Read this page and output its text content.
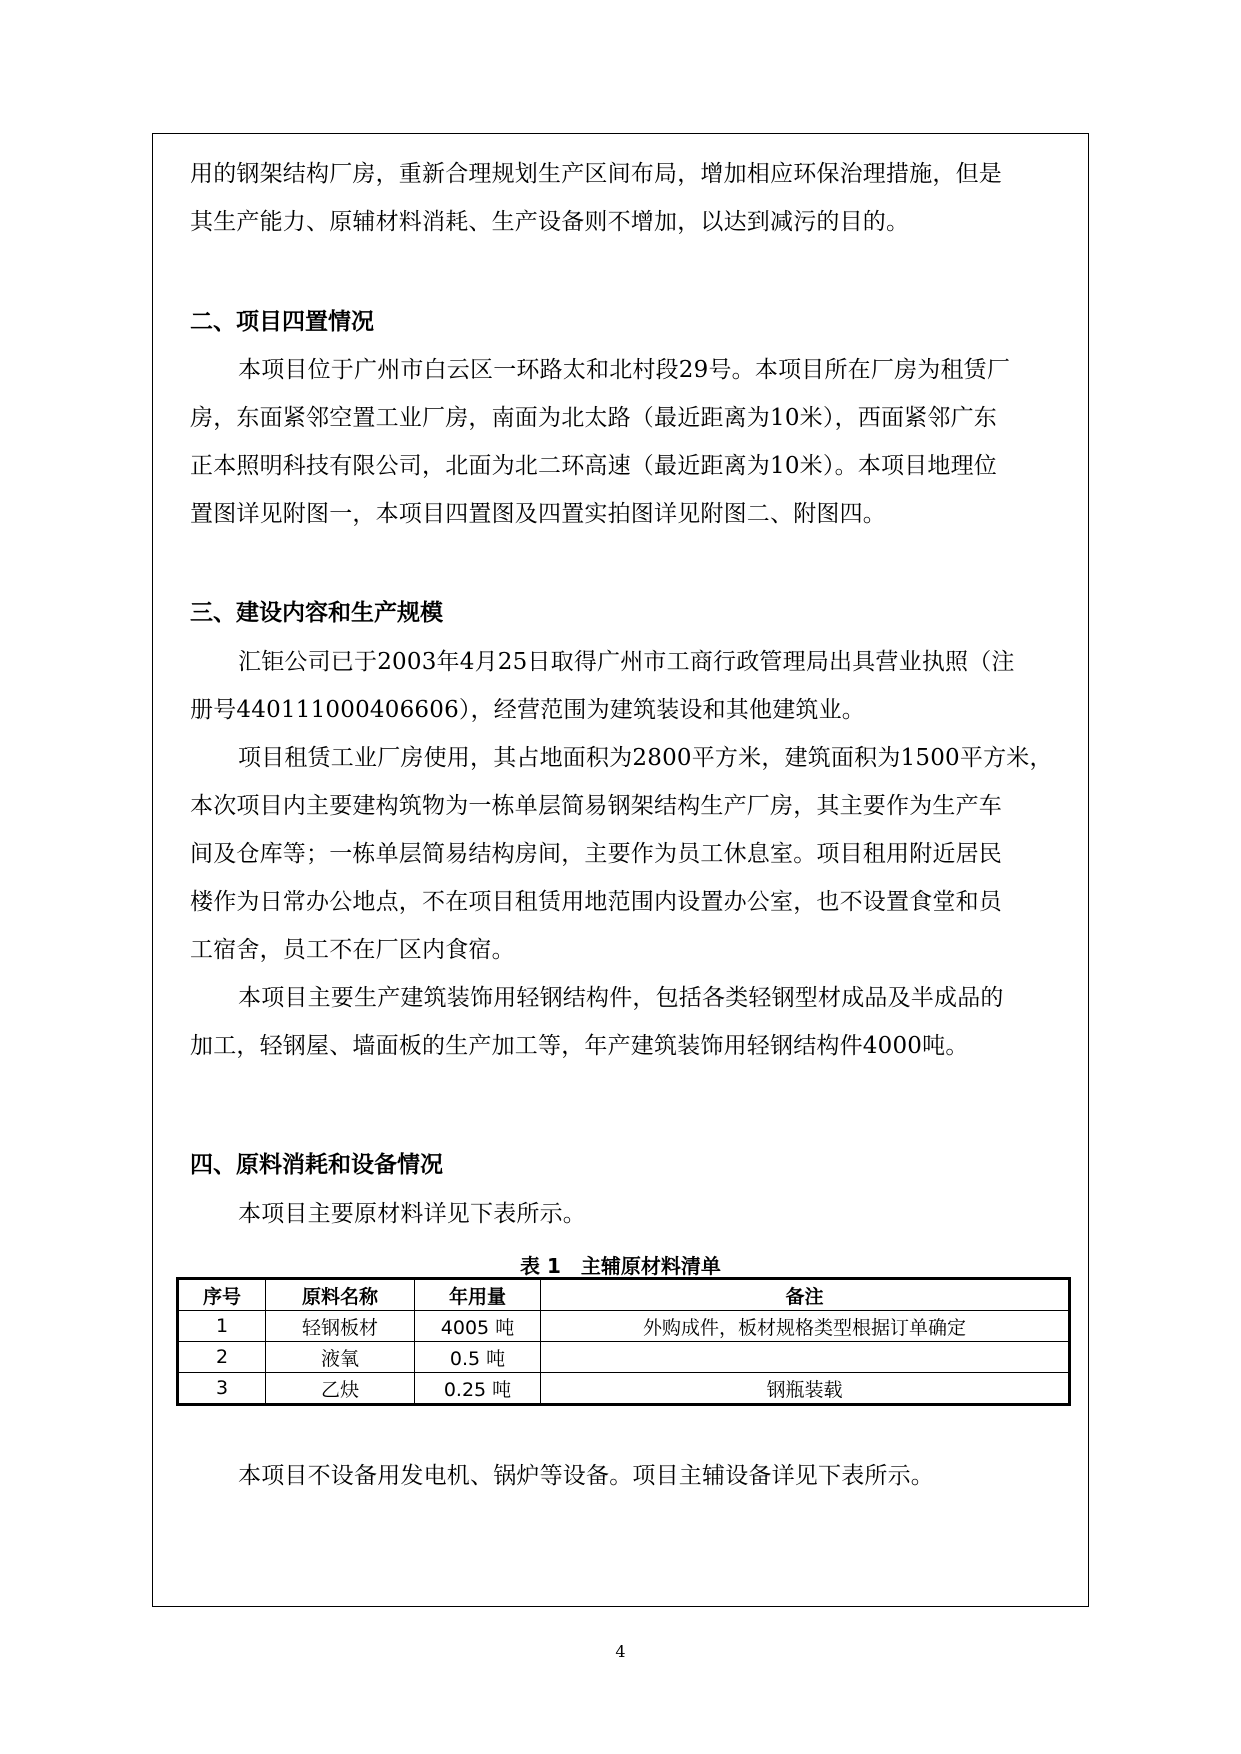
用的钢架结构厂房，重新合理规划生产区间布局，增加相应环保治理措施，但是
其生产能力、原辅材料消耗、生产设备则不增加，以达到减污的目的。
二、项目四置情况
本项目位于广州市白云区一环路太和北村段29号。本项目所在厂房为租赁厂
房，东面紧邻空置工业厂房，南面为北太路（最近距离为10米），西面紧邻广东
正本照明科技有限公司，北面为北二环高速（最近距离为10米）。本项目地理位
置图详见附图一，本项目四置图及四置实拍图详见附图二、附图四。
三、建设内容和生产规模
汇钜公司已于2003年4月25日取得广州市工商行政管理局出具营业执照（注
册号440111000406606），经营范围为建筑装设和其他建筑业。
项目租赁工业厂房使用，其占地面积为2800平方米，建筑面积为1500平方米，
本次项目内主要建构筑物为一栋单层简易钢架结构生产厂房，其主要作为生产车
间及仓库等；一栋单层简易结构房间，主要作为员工休息室。项目租用附近居民
楼作为日常办公地点，不在项目租赁用地范围内设置办公室，也不设置食堂和员
工宿舍，员工不在厂区内食宿。
本项目主要生产建筑装饰用轻钢结构件，包括各类轻钢型材成品及半成品的
加工，轻钢屋、墙面板的生产加工等，年产建筑装饰用轻钢结构件4000吨。
四、原料消耗和设备情况
本项目主要原材料详见下表所示。
表 1　主辅原材料清单
序号	原料名称	年用量	备注
1	轻钢板材	4005 吨	外购成件，板材规格类型根据订单确定
2	液氧	0.5 吨	
3	乙炔	0.25 吨	钢瓶装载
本项目不设备用发电机、锅炉等设备。项目主辅设备详见下表所示。
4
